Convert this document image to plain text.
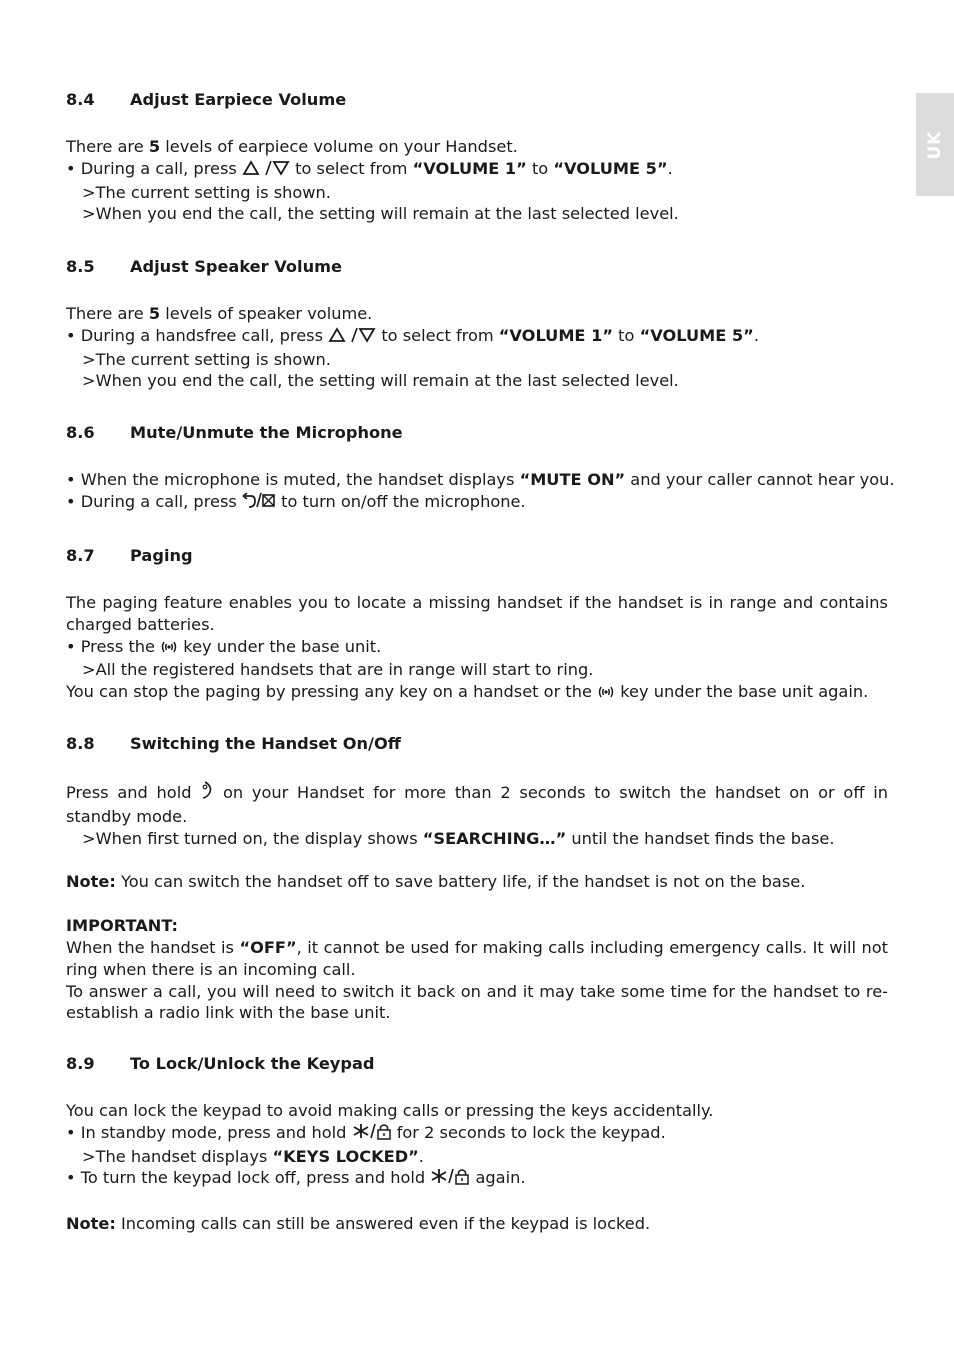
UK
8.4 Adjust Earpiece Volume
There are 5 levels of earpiece volume on your Handset.
• During a call, press	to select from “VOLUME 1” to “VOLUME 5”.
>The current setting is shown.
>When you end the call, the setting will remain at the last selected level.
8.5 Adjust Speaker Volume
There are 5 levels of speaker volume.
• During a handsfree call, press	to select from “VOLUME 1” to “VOLUME 5”.
>The current setting is shown.
>When you end the call, the setting will remain at the last selected level.
8.6 Mute/Unmute the Microphone
• When the microphone is muted, the handset displays “MUTE ON” and your caller cannot hear you.
• During a call, press  to turn on/off the microphone.
8.7 Paging
The paging feature enables you to locate a missing handset if the handset is in range and contains charged batteries.
• Press the  key under the base unit.
>All the registered handsets that are in range will start to ring.
You can stop the paging by pressing any key on a handset or the  key under the base unit again.
8.8 Switching the Handset On/Off
Press and hold  on your Handset for more than 2 seconds to switch the handset on or off in standby mode.
>When first turned on, the display shows “SEARCHING…” until the handset finds the base.
Note: You can switch the handset off to save battery life, if the handset is not on the base.
IMPORTANT:
When the handset is “OFF”, it cannot be used for making calls including emergency calls. It will not ring when there is an incoming call.
To answer a call, you will need to switch it back on and it may take some time for the handset to re-establish a radio link with the base unit.
8.9 To Lock/Unlock the Keypad
You can lock the keypad to avoid making calls or pressing the keys accidentally.
• In standby mode, press and hold  for 2 seconds to lock the keypad.
>The handset displays “KEYS LOCKED”.
• To turn the keypad lock off, press and hold  again.
Note: Incoming calls can still be answered even if the keypad is locked.
